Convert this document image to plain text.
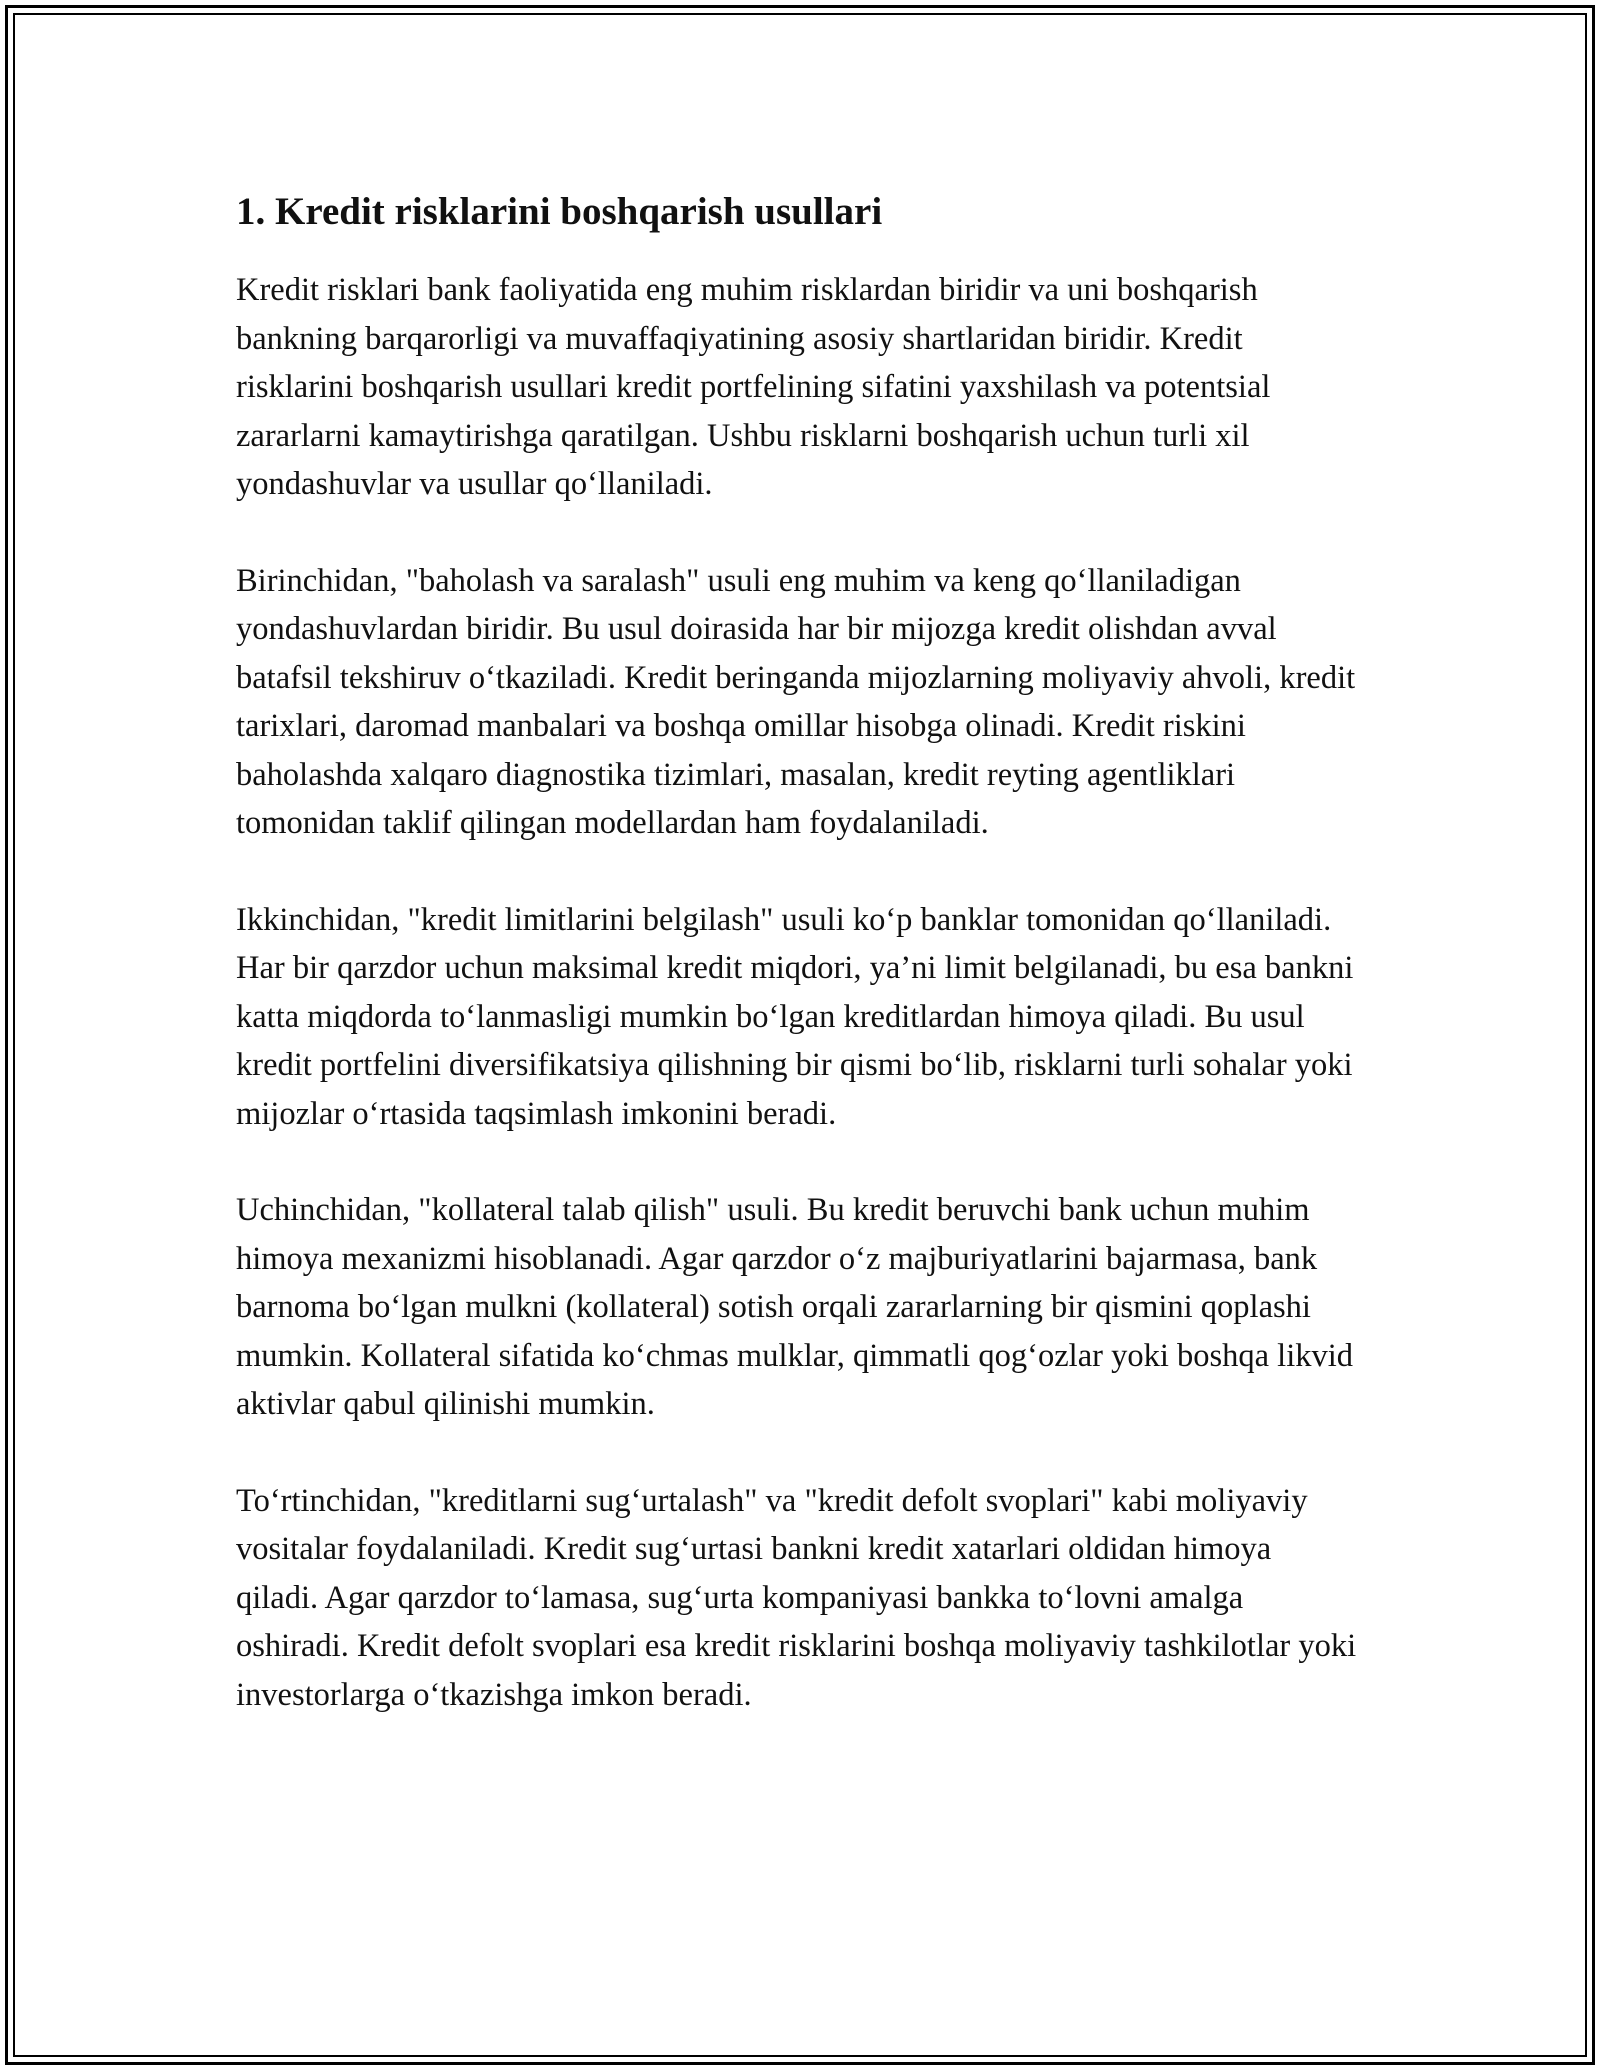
1. Kredit risklarini boshqarish usullari

Kredit risklari bank faoliyatida eng muhim risklardan biridir va uni boshqarish bankning barqarorligi va muvaffaqiyatining asosiy shartlaridan biridir. Kredit risklarini boshqarish usullari kredit portfelining sifatini yaxshilash va potentsial zararlarni kamaytirishga qaratilgan. Ushbu risklarni boshqarish uchun turli xil yondashuvlar va usullar qo‘llaniladi.

Birinchidan, "baholash va saralash" usuli eng muhim va keng qo‘llaniladigan yondashuvlardan biridir. Bu usul doirasida har bir mijozga kredit olishdan avval batafsil tekshiruv o‘tkaziladi. Kredit beringanda mijozlarning moliyaviy ahvoli, kredit tarixlari, daromad manbalari va boshqa omillar hisobga olinadi. Kredit riskini baholashda xalqaro diagnostika tizimlari, masalan, kredit reyting agentliklari tomonidan taklif qilingan modellardan ham foydalaniladi.

Ikkinchidan, "kredit limitlarini belgilash" usuli ko‘p banklar tomonidan qo‘llaniladi. Har bir qarzdor uchun maksimal kredit miqdori, ya’ni limit belgilanadi, bu esa bankni katta miqdorda to‘lanmasligi mumkin bo‘lgan kreditlardan himoya qiladi. Bu usul kredit portfelini diversifikatsiya qilishning bir qismi bo‘lib, risklarni turli sohalar yoki mijozlar o‘rtasida taqsimlash imkonini beradi.

Uchinchidan, "kollateral talab qilish" usuli. Bu kredit beruvchi bank uchun muhim himoya mexanizmi hisoblanadi. Agar qarzdor o‘z majburiyatlarini bajarmasa, bank barnoma bo‘lgan mulkni (kollateral) sotish orqali zararlarning bir qismini qoplashi mumkin. Kollateral sifatida ko‘chmas mulklar, qimmatli qog‘ozlar yoki boshqa likvid aktivlar qabul qilinishi mumkin.

To‘rtinchidan, "kreditlarni sug‘urtalash" va "kredit defolt svoplari" kabi moliyaviy vositalar foydalaniladi. Kredit sug‘urtasi bankni kredit xatarlari oldidan himoya qiladi. Agar qarzdor to‘lamasa, sug‘urta kompaniyasi bankka to‘lovni amalga oshiradi. Kredit defolt svoplari esa kredit risklarini boshqa moliyaviy tashkilotlar yoki investorlarga o‘tkazishga imkon beradi.
